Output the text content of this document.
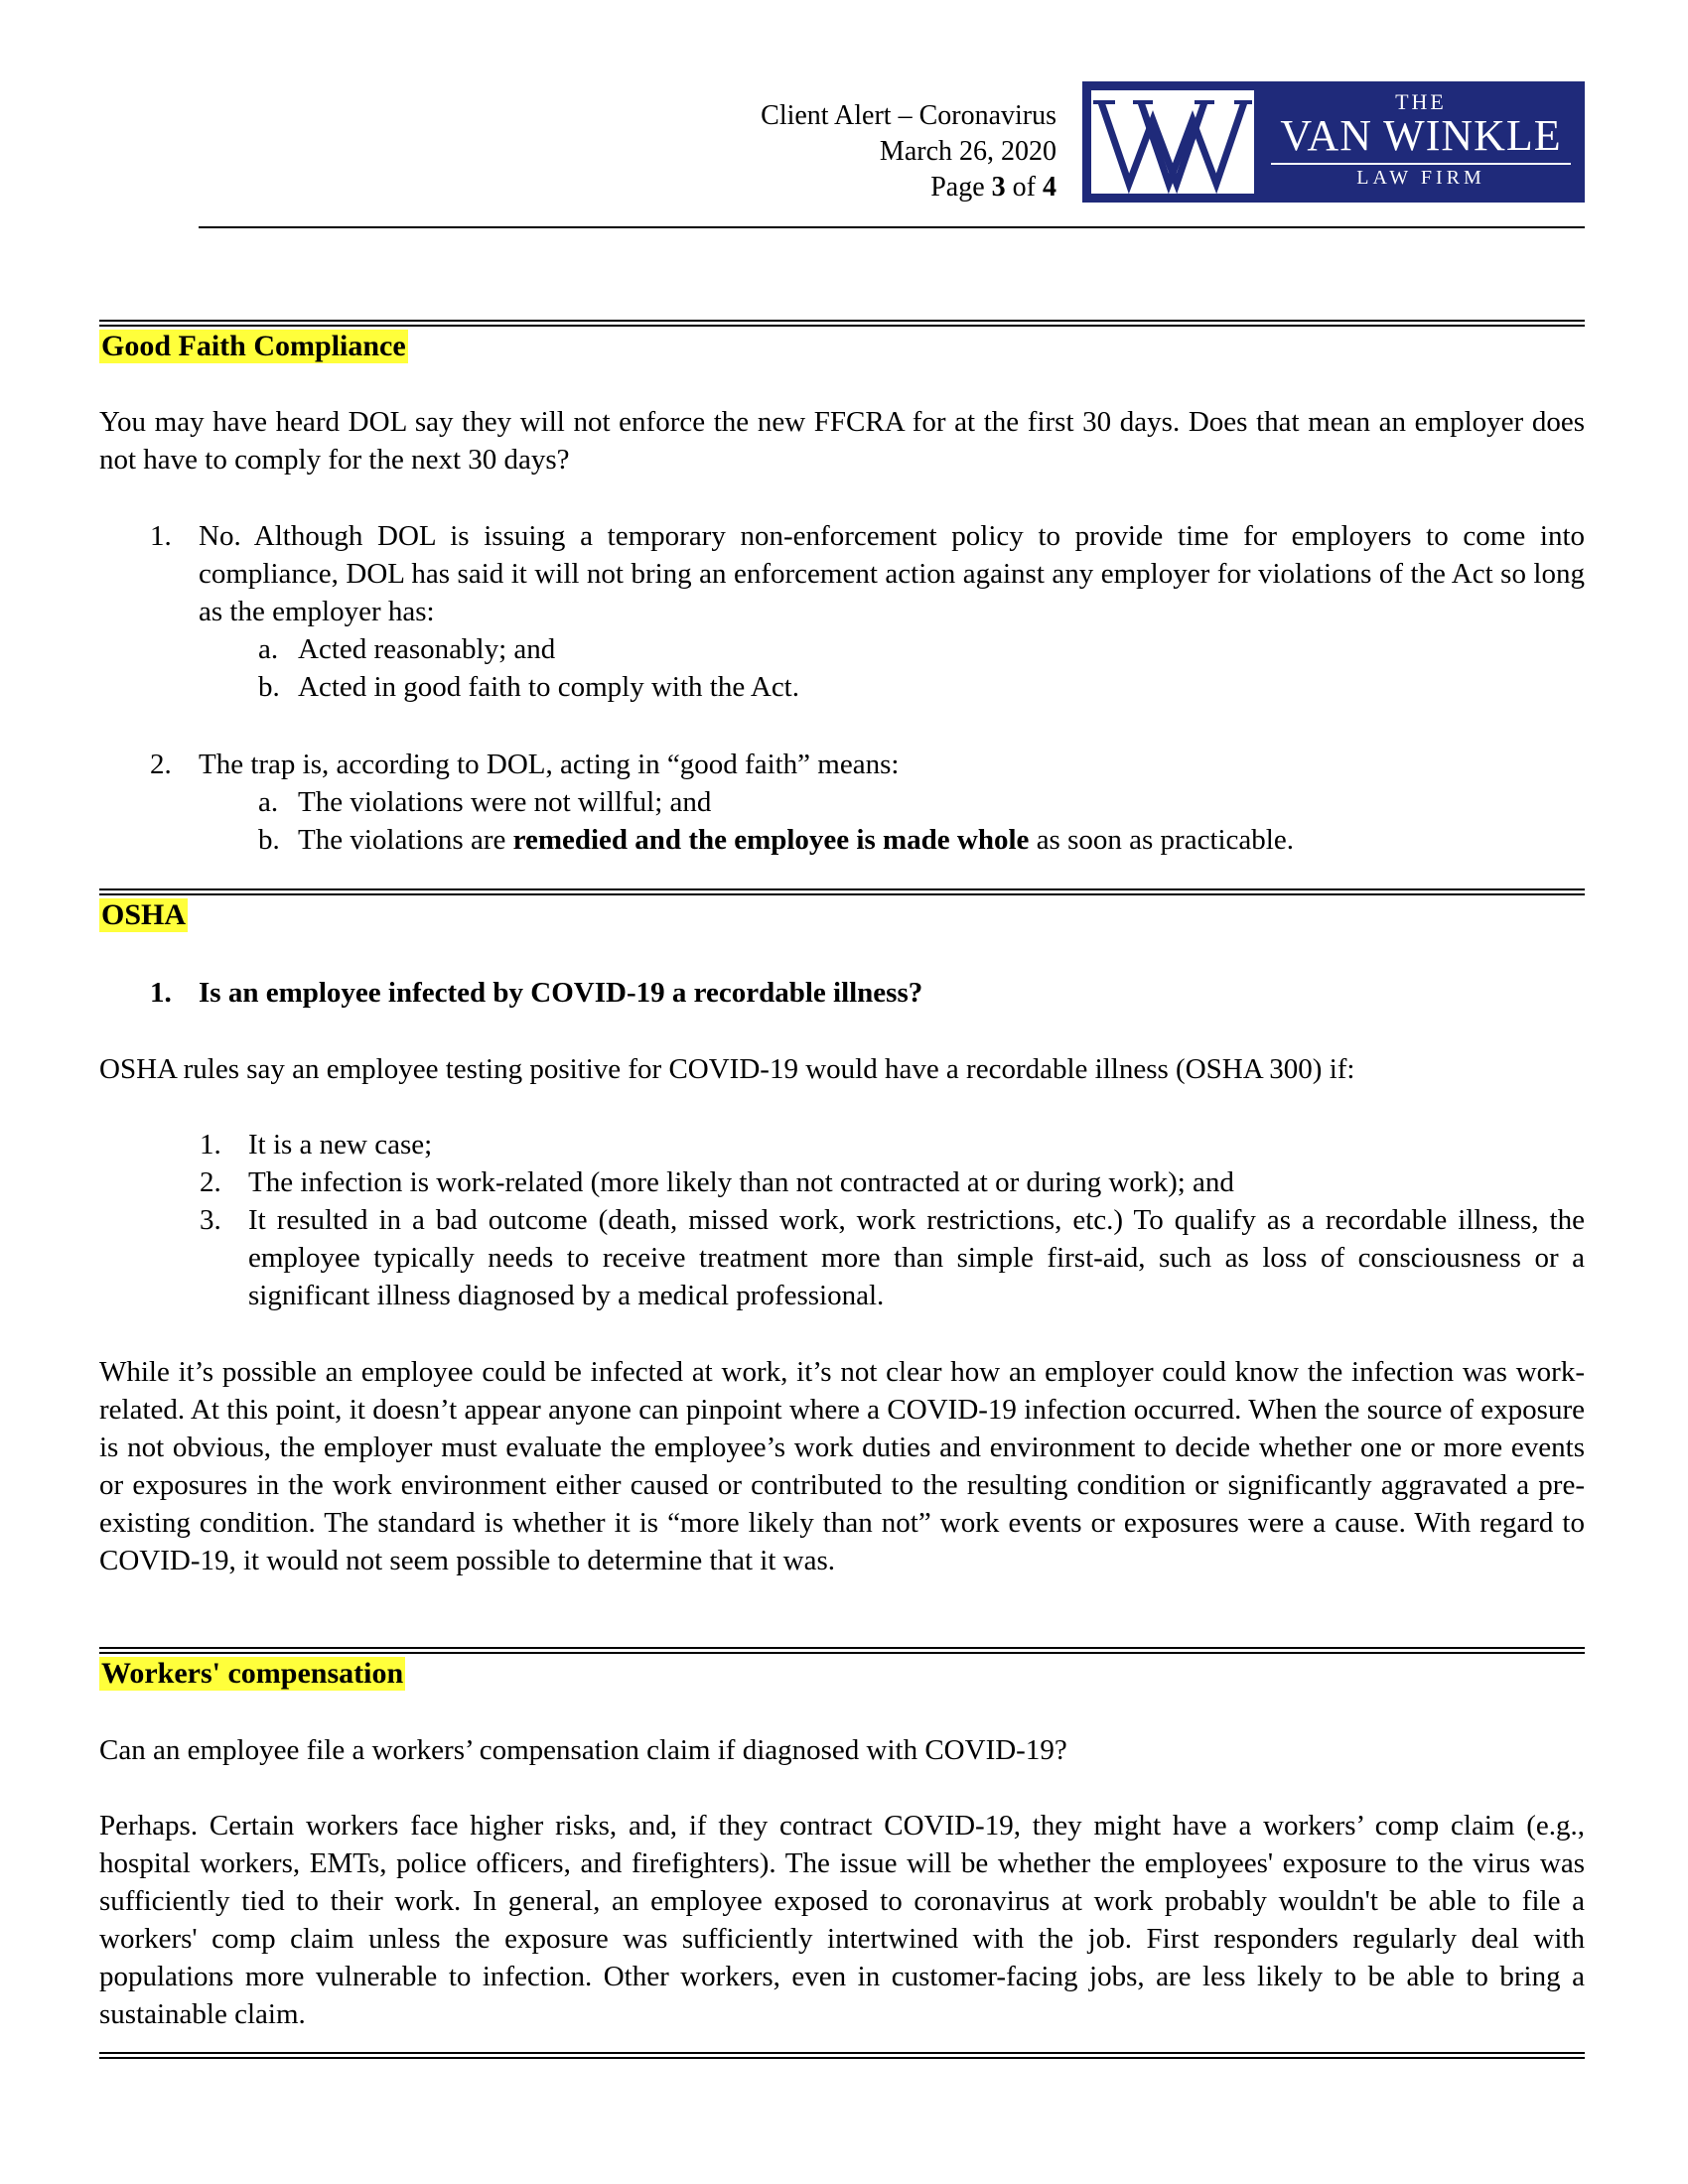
Client Alert – Coronavirus
March 26, 2020
Page 3 of 4
THE
VAN WINKLE
LAW FIRM
Good Faith Compliance
You may have heard DOL say they will not enforce the new FFCRA for at the first 30 days. Does that mean an employer does not have to comply for the next 30 days?
1. No. Although DOL is issuing a temporary non-enforcement policy to provide time for employers to come into compliance, DOL has said it will not bring an enforcement action against any employer for violations of the Act so long as the employer has:
a. Acted reasonably; and
b. Acted in good faith to comply with the Act.
2. The trap is, according to DOL, acting in “good faith” means:
a. The violations were not willful; and
b. The violations are remedied and the employee is made whole as soon as practicable.
OSHA
1. Is an employee infected by COVID-19 a recordable illness?
OSHA rules say an employee testing positive for COVID-19 would have a recordable illness (OSHA 300) if:
1. It is a new case;
2. The infection is work-related (more likely than not contracted at or during work); and
3. It resulted in a bad outcome (death, missed work, work restrictions, etc.) To qualify as a recordable illness, the employee typically needs to receive treatment more than simple first-aid, such as loss of consciousness or a significant illness diagnosed by a medical professional.
While it’s possible an employee could be infected at work, it’s not clear how an employer could know the infection was work-related. At this point, it doesn’t appear anyone can pinpoint where a COVID-19 infection occurred. When the source of exposure is not obvious, the employer must evaluate the employee’s work duties and environment to decide whether one or more events or exposures in the work environment either caused or contributed to the resulting condition or significantly aggravated a pre-existing condition. The standard is whether it is “more likely than not” work events or exposures were a cause. With regard to COVID-19, it would not seem possible to determine that it was.
Workers' compensation
Can an employee file a workers’ compensation claim if diagnosed with COVID-19?
Perhaps. Certain workers face higher risks, and, if they contract COVID-19, they might have a workers’ comp claim (e.g., hospital workers, EMTs, police officers, and firefighters). The issue will be whether the employees' exposure to the virus was sufficiently tied to their work. In general, an employee exposed to coronavirus at work probably wouldn't be able to file a workers' comp claim unless the exposure was sufficiently intertwined with the job. First responders regularly deal with populations more vulnerable to infection. Other workers, even in customer-facing jobs, are less likely to be able to bring a sustainable claim.
